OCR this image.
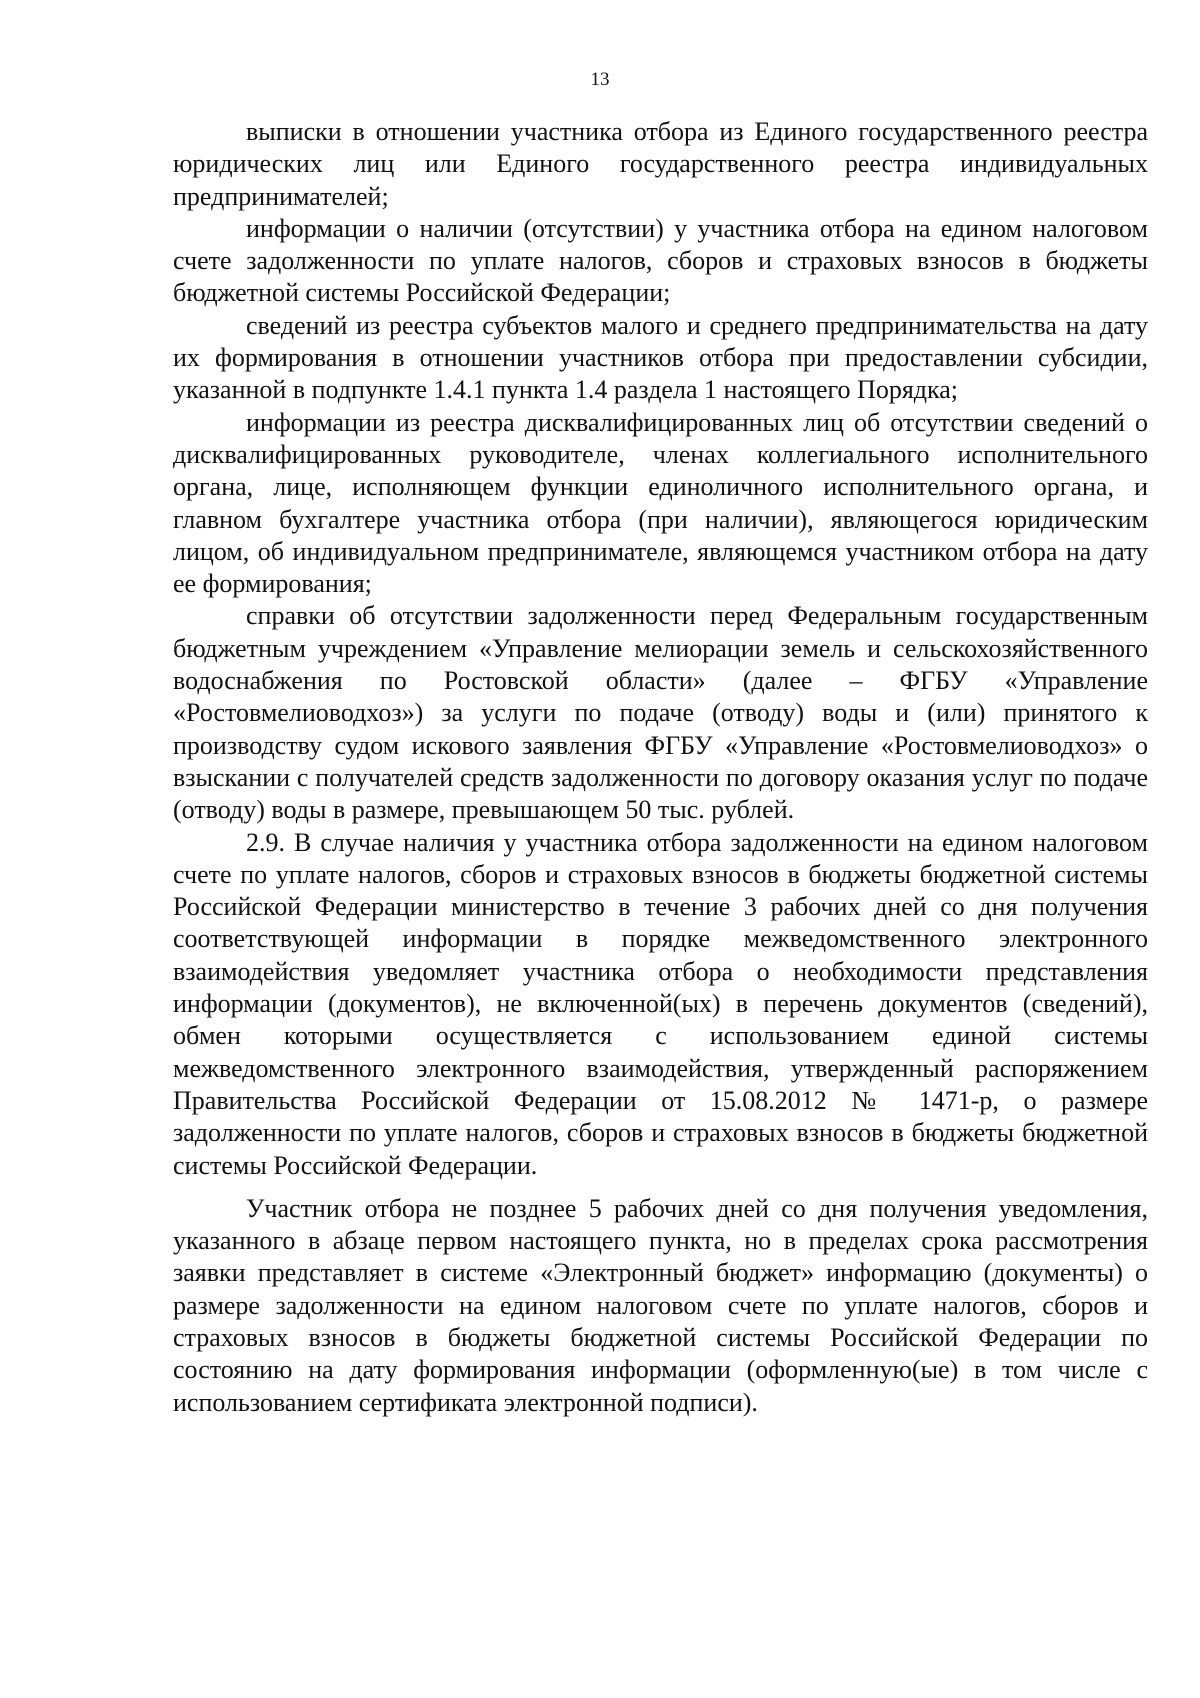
13

выписки в отношении участника отбора из Единого государственного реестра юридических лиц или Единого государственного реестра индивидуальных предпринимателей;

информации о наличии (отсутствии) у участника отбора на едином налоговом счете задолженности по уплате налогов, сборов и страховых взносов в бюджеты бюджетной системы Российской Федерации;

сведений из реестра субъектов малого и среднего предпринимательства на дату их формирования в отношении участников отбора при предоставлении субсидии, указанной в подпункте 1.4.1 пункта 1.4 раздела 1 настоящего Порядка;

информации из реестра дисквалифицированных лиц об отсутствии сведений о дисквалифицированных руководителе, членах коллегиального исполнительного органа, лице, исполняющем функции единоличного исполнительного органа, и главном бухгалтере участника отбора (при наличии), являющегося юридическим лицом, об индивидуальном предпринимателе, являющемся участником отбора на дату ее формирования;

справки об отсутствии задолженности перед Федеральным государственным бюджетным учреждением «Управление мелиорации земель и сельскохозяйственного водоснабжения по Ростовской области» (далее – ФГБУ «Управление «Ростовмелиоводхоз») за услуги по подаче (отводу) воды и (или) принятого к производству судом искового заявления ФГБУ «Управление «Ростовмелиоводхоз» о взыскании с получателей средств задолженности по договору оказания услуг по подаче (отводу) воды в размере, превышающем 50 тыс. рублей.

2.9. В случае наличия у участника отбора задолженности на едином налоговом счете по уплате налогов, сборов и страховых взносов в бюджеты бюджетной системы Российской Федерации министерство в течение 3 рабочих дней со дня получения соответствующей информации в порядке межведомственного электронного взаимодействия уведомляет участника отбора о необходимости представления информации (документов), не включенной(ых) в перечень документов (сведений), обмен которыми осуществляется с использованием единой системы межведомственного электронного взаимодействия, утвержденный распоряжением Правительства Российской Федерации от 15.08.2012 № 1471-р, о размере задолженности по уплате налогов, сборов и страховых взносов в бюджеты бюджетной системы Российской Федерации.

Участник отбора не позднее 5 рабочих дней со дня получения уведомления, указанного в абзаце первом настоящего пункта, но в пределах срока рассмотрения заявки представляет в системе «Электронный бюджет» информацию (документы) о размере задолженности на едином налоговом счете по уплате налогов, сборов и страховых взносов в бюджеты бюджетной системы Российской Федерации по состоянию на дату формирования информации (оформленную(ые) в том числе с использованием сертификата электронной подписи).
